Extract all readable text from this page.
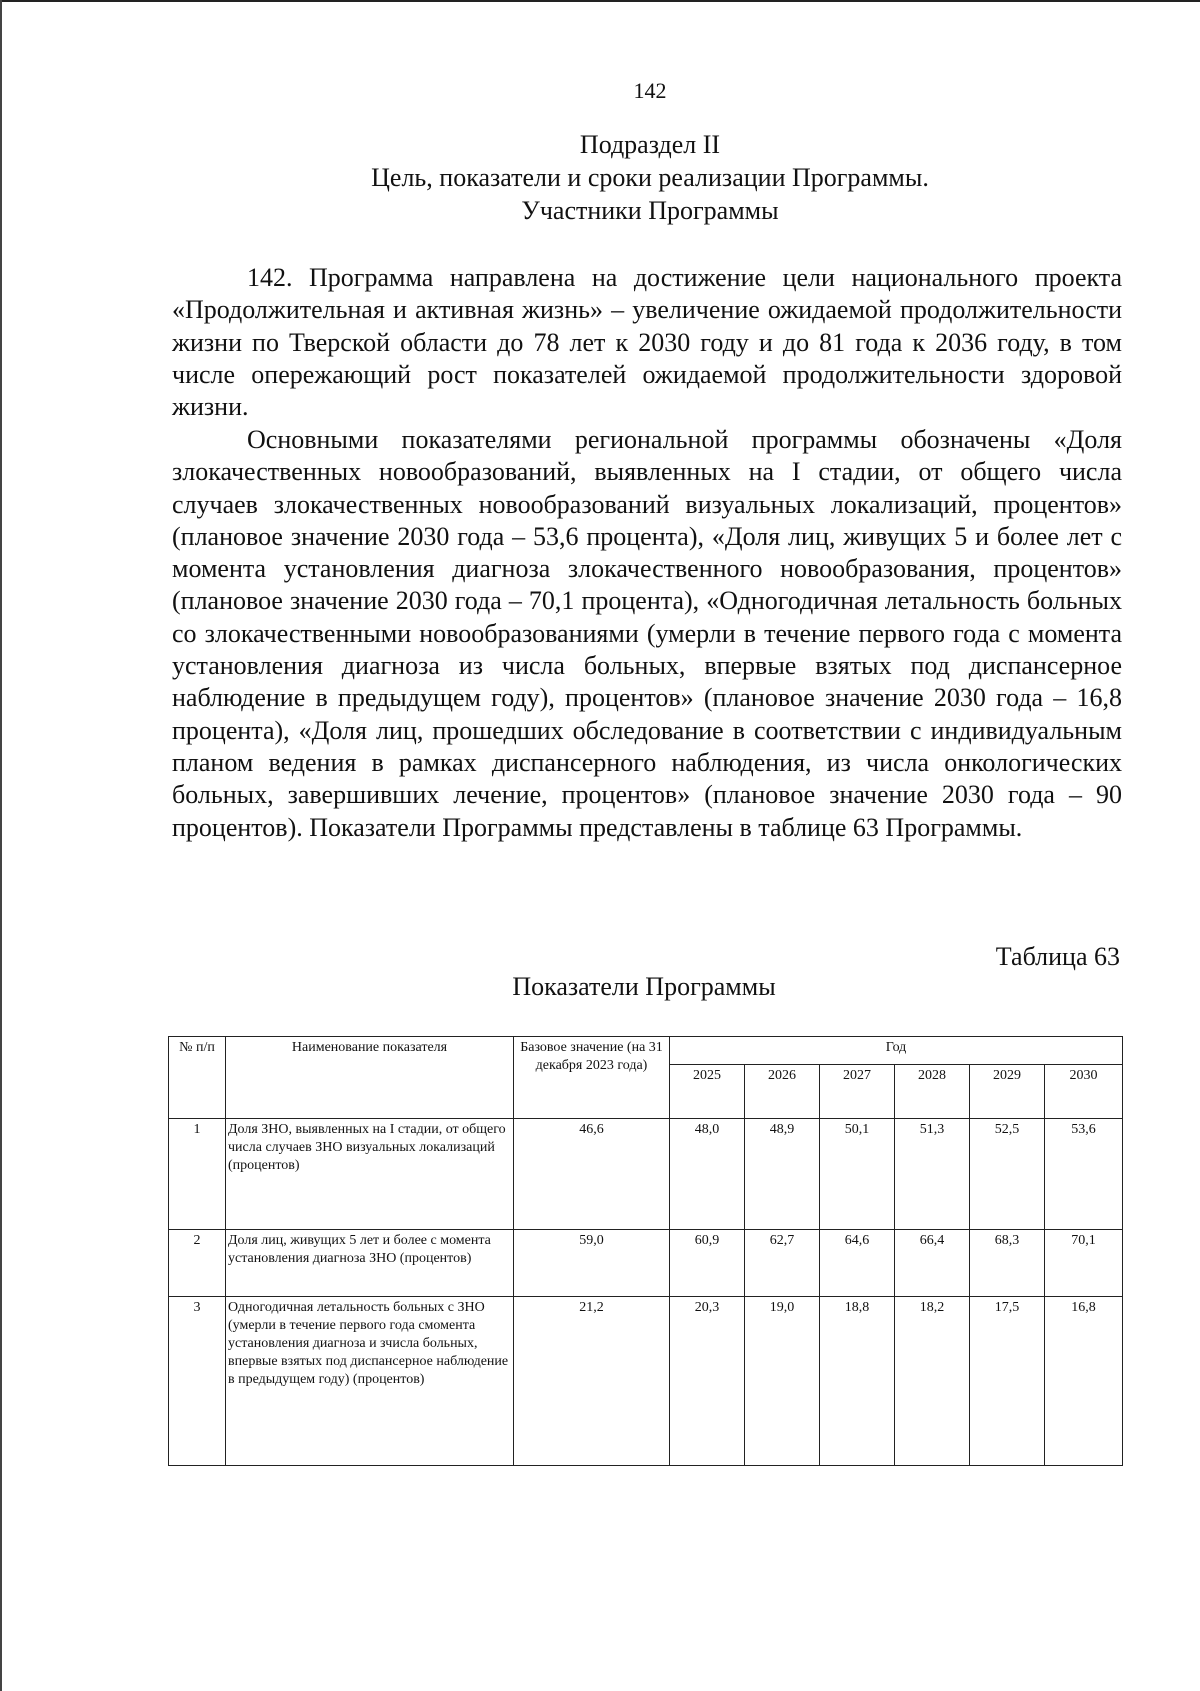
142
Подраздел II
Цель, показатели и сроки реализации Программы.
Участники Программы

142. Программа направлена на достижение цели национального проекта «Продолжительная и активная жизнь» – увеличение ожидаемой продолжительности жизни по Тверской области до 78 лет к 2030 году и до 81 года к 2036 году, в том числе опережающий рост показателей ожидаемой продолжительности здоровой жизни.

Основными показателями региональной программы обозначены «Доля злокачественных новообразований, выявленных на I стадии, от общего числа случаев злокачественных новообразований визуальных локализаций, процентов» (плановое значение 2030 года – 53,6 процента), «Доля лиц, живущих 5 и более лет с момента установления диагноза злокачественного новообразования, процентов» (плановое значение 2030 года – 70,1 процента), «Одногодичная летальность больных со злокачественными новообразованиями (умерли в течение первого года с момента установления диагноза из числа больных, впервые взятых под диспансерное наблюдение в предыдущем году), процентов» (плановое значение 2030 года – 16,8 процента), «Доля лиц, прошедших обследование в соответствии с индивидуальным планом ведения в рамках диспансерного наблюдения, из числа онкологических больных, завершивших лечение, процентов» (плановое значение 2030 года – 90 процентов). Показатели Программы представлены в таблице 63 Программы.

Таблица 63
Показатели Программы
№ п/п	Наименование показателя	Базовое значение (на 31 декабря 2023 года)	Год					
			2025	2026	2027	2028	2029	2030
1	Доля ЗНО, выявленных на I стадии, от общего числа случаев ЗНО визуальных локализаций (процентов)	46,6	48,0	48,9	50,1	51,3	52,5	53,6
2	Доля лиц, живущих 5 лет и более с момента установления диагноза ЗНО (процентов)	59,0	60,9	62,7	64,6	66,4	68,3	70,1
3	Одногодичная летальность больных с ЗНО (умерли в течение первого года смомента установления диагноза и зчисла больных, впервые взятых под диспансерное наблюдение в предыдущем году) (процентов)	21,2	20,3	19,0	18,8	18,2	17,5	16,8
